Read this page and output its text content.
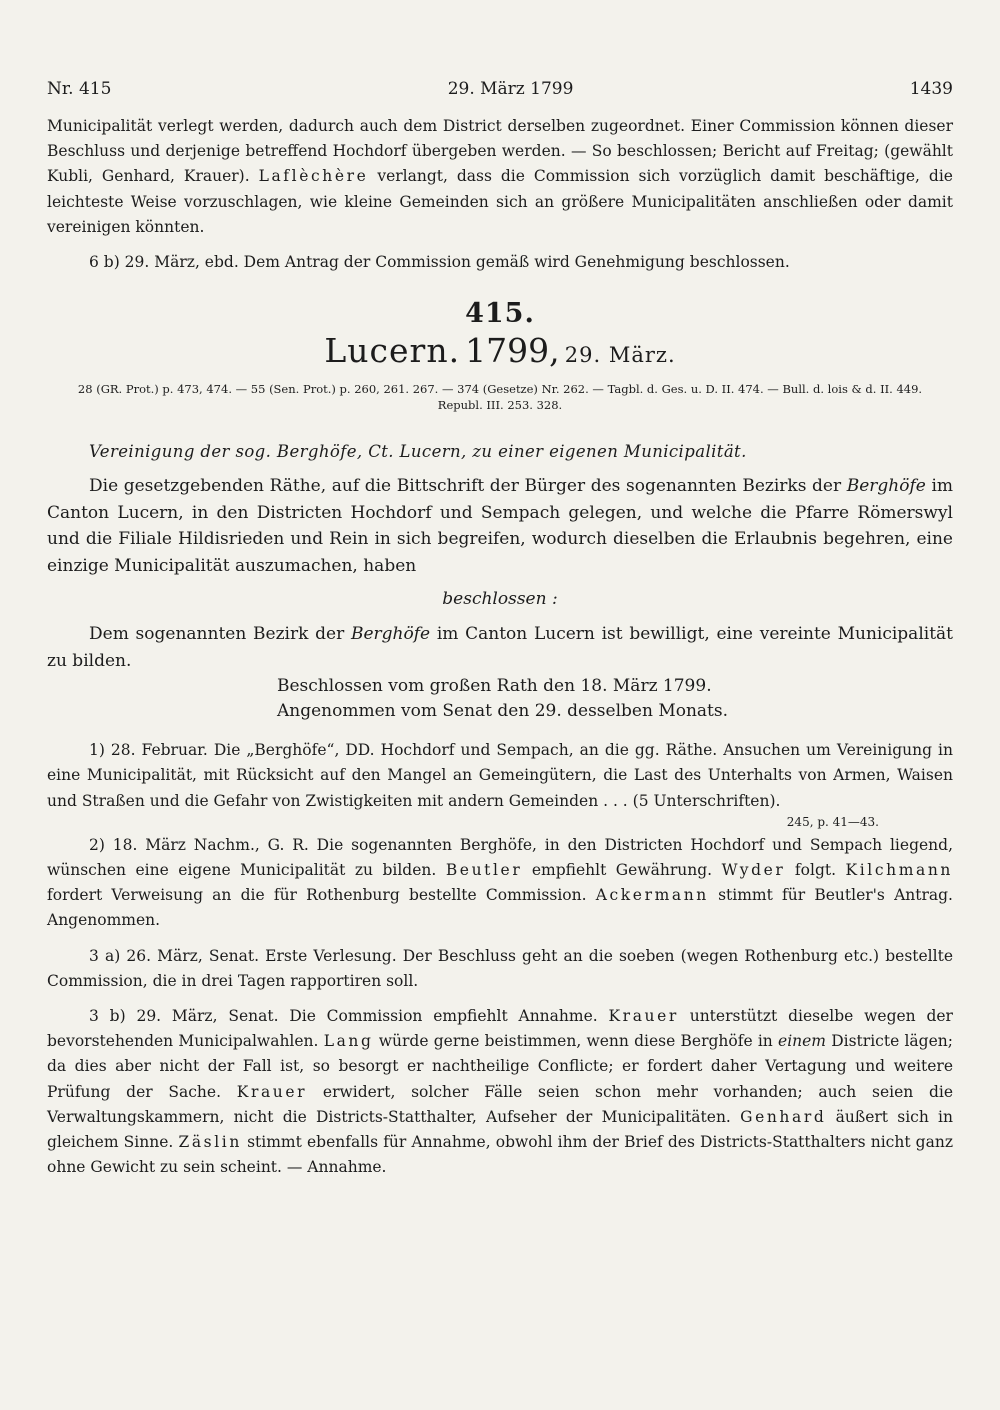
Nr. 415	29. März 1799	1439

Municipalität verlegt werden, dadurch auch dem District derselben zugeordnet. Einer Commission können dieser Beschluss und derjenige betreffend Hochdorf übergeben werden. — So beschlossen; Bericht auf Freitag; (gewählt Kubli, Genhard, Krauer). Laflèchère verlangt, dass die Commission sich vorzüglich damit beschäftige, die leichteste Weise vorzuschlagen, wie kleine Gemeinden sich an größere Municipalitäten anschließen oder damit vereinigen könnten.

6 b) 29. März, ebd. Dem Antrag der Commission gemäß wird Genehmigung beschlossen.

415.
Lucern. 1799, 29. März.
28 (GR. Prot.) p. 473, 474. — 55 (Sen. Prot.) p. 260, 261. 267. — 374 (Gesetze) Nr. 262. — Tagbl. d. Ges. u. D. II. 474. — Bull. d. lois & d. II. 449.
Republ. III. 253. 328.
Vereinigung der sog. Berghöfe, Ct. Lucern, zu einer eigenen Municipalität.

Die gesetzgebenden Räthe, auf die Bittschrift der Bürger des sogenannten Bezirks der Berghöfe im Canton Lucern, in den Districten Hochdorf und Sempach gelegen, und welche die Pfarre Römerswyl und die Filiale Hildisrieden und Rein in sich begreifen, wodurch dieselben die Erlaubnis begehren, eine einzige Municipalität auszumachen, haben

beschlossen :

Dem sogenannten Bezirk der Berghöfe im Canton Lucern ist bewilligt, eine vereinte Municipalität zu bilden.

Beschlossen vom großen Rath den 18. März 1799.
Angenommen vom Senat den 29. desselben Monats.

1) 28. Februar. Die „Berghöfe“, DD. Hochdorf und Sempach, an die gg. Räthe. Ansuchen um Vereinigung in eine Municipalität, mit Rücksicht auf den Mangel an Gemeingütern, die Last des Unterhalts von Armen, Waisen und Straßen und die Gefahr von Zwistigkeiten mit andern Gemeinden . . . (5 Unterschriften).

245, p. 41—43.

2) 18. März Nachm., G. R. Die sogenannten Berghöfe, in den Districten Hochdorf und Sempach liegend, wünschen eine eigene Municipalität zu bilden. Beutler empfiehlt Gewährung. Wyder folgt. Kilchmann fordert Verweisung an die für Rothenburg bestellte Commission. Ackermann stimmt für Beutler's Antrag. Angenommen.

3 a) 26. März, Senat. Erste Verlesung. Der Beschluss geht an die soeben (wegen Rothenburg etc.) bestellte Commission, die in drei Tagen rapportiren soll.

3 b) 29. März, Senat. Die Commission empfiehlt Annahme. Krauer unterstützt dieselbe wegen der bevorstehenden Municipalwahlen. Lang würde gerne beistimmen, wenn diese Berghöfe in einem Districte lägen; da dies aber nicht der Fall ist, so besorgt er nachtheilige Conflicte; er fordert daher Vertagung und weitere Prüfung der Sache. Krauer erwidert, solcher Fälle seien schon mehr vorhanden; auch seien die Verwaltungskammern, nicht die Districts-Statthalter, Aufseher der Municipalitäten. Genhard äußert sich in gleichem Sinne. Zäslin stimmt ebenfalls für Annahme, obwohl ihm der Brief des Districts-Statthalters nicht ganz ohne Gewicht zu sein scheint. — Annahme.
